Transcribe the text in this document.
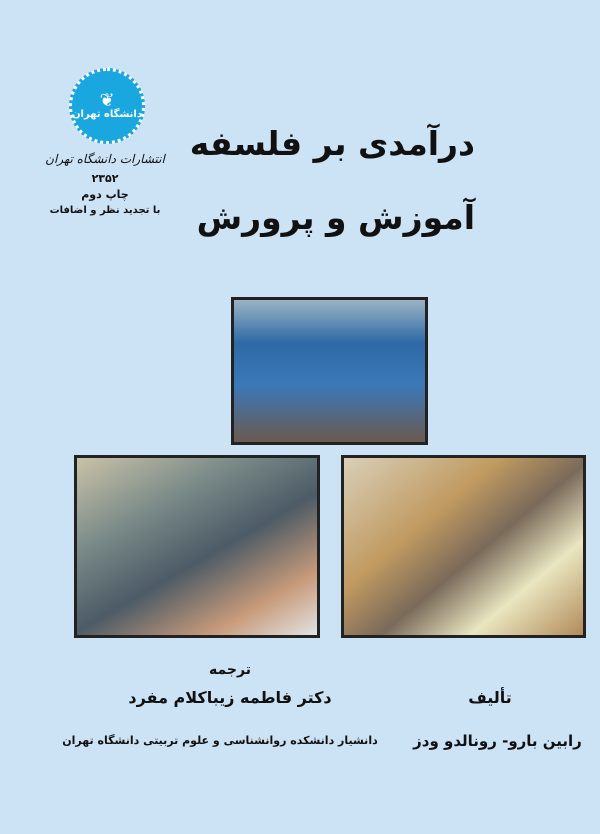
❦
دانشگاه تهران
انتشارات دانشگاه تهران
۲۳۵۲
چاپ دوم
با تجدید نظر و اضافات
درآمدی بر فلسفه
آموزش و پرورش
ترجمه
دکتر فاطمه زیباکلام مفرد
دانشیار دانشکده روانشناسی و علوم تربیتی دانشگاه تهران
تألیف
رابین بارو- رونالدو ودز
